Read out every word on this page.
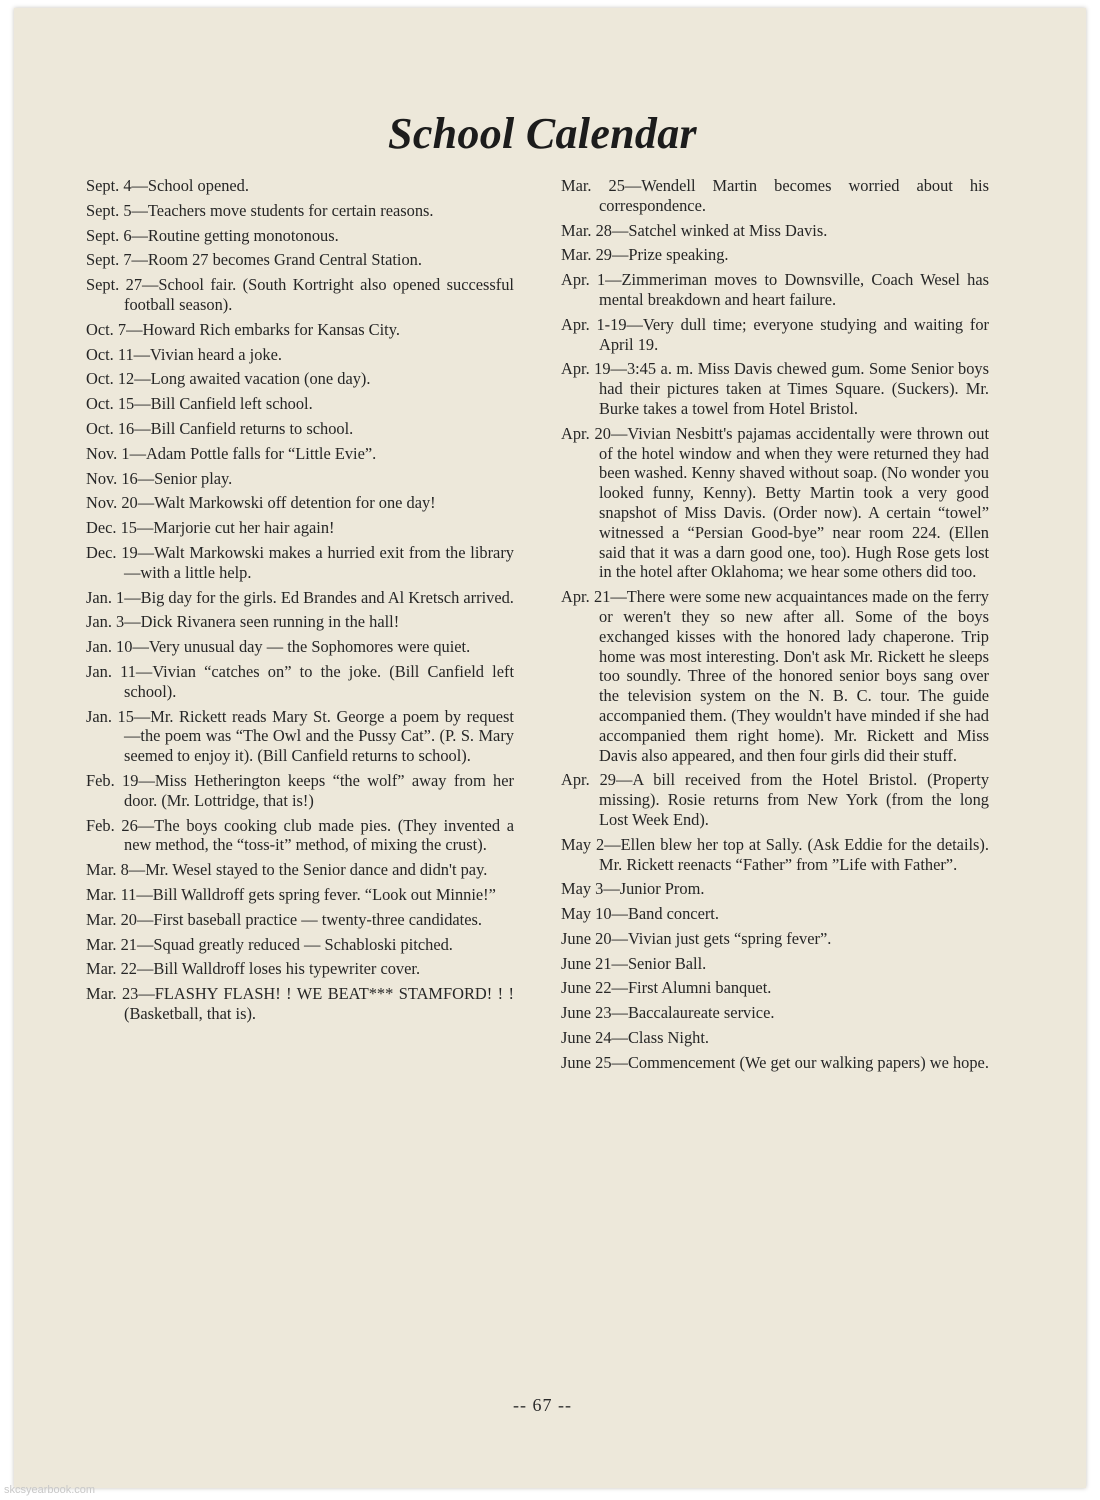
School Calendar

Sept. 4—School opened.

Sept. 5—Teachers move students for certain reasons.

Sept. 6—Routine getting monotonous.

Sept. 7—Room 27 becomes Grand Central Station.

Sept. 27—School fair. (South Kortright also opened successful football season).

Oct. 7—Howard Rich embarks for Kansas City.

Oct. 11—Vivian heard a joke.

Oct. 12—Long awaited vacation (one day).

Oct. 15—Bill Canfield left school.

Oct. 16—Bill Canfield returns to school.

Nov. 1—Adam Pottle falls for “Little Evie”.

Nov. 16—Senior play.

Nov. 20—Walt Markowski off detention for one day!

Dec. 15—Marjorie cut her hair again!

Dec. 19—Walt Markowski makes a hurried exit from the library—with a little help.

Jan. 1—Big day for the girls. Ed Brandes and Al Kretsch arrived.

Jan. 3—Dick Rivanera seen running in the hall!

Jan. 10—Very unusual day — the Sophomores were quiet.

Jan. 11—Vivian “catches on” to the joke. (Bill Canfield left school).

Jan. 15—Mr. Rickett reads Mary St. George a poem by request—the poem was “The Owl and the Pussy Cat”. (P. S. Mary seemed to enjoy it). (Bill Canfield returns to school).

Feb. 19—Miss Hetherington keeps “the wolf” away from her door. (Mr. Lottridge, that is!)

Feb. 26—The boys cooking club made pies. (They invented a new method, the “toss-it” method, of mixing the crust).

Mar. 8—Mr. Wesel stayed to the Senior dance and didn't pay.

Mar. 11—Bill Walldroff gets spring fever. “Look out Minnie!”

Mar. 20—First baseball practice — twenty-three candidates.

Mar. 21—Squad greatly reduced — Schabloski pitched.

Mar. 22—Bill Walldroff loses his typewriter cover.

Mar. 23—FLASHY FLASH! ! WE BEAT*** STAMFORD! ! ! (Basketball, that is).

Mar. 25—Wendell Martin becomes worried about his correspondence.

Mar. 28—Satchel winked at Miss Davis.

Mar. 29—Prize speaking.

Apr. 1—Zimmeriman moves to Downsville, Coach Wesel has mental breakdown and heart failure.

Apr. 1-19—Very dull time; everyone studying and waiting for April 19.

Apr. 19—3:45 a. m. Miss Davis chewed gum. Some Senior boys had their pictures taken at Times Square. (Suckers). Mr. Burke takes a towel from Hotel Bristol.

Apr. 20—Vivian Nesbitt's pajamas accidentally were thrown out of the hotel window and when they were returned they had been washed. Kenny shaved without soap. (No wonder you looked funny, Kenny). Betty Martin took a very good snapshot of Miss Davis. (Order now). A certain “towel” witnessed a “Persian Good-bye” near room 224. (Ellen said that it was a darn good one, too). Hugh Rose gets lost in the hotel after Oklahoma; we hear some others did too.

Apr. 21—There were some new acquaintances made on the ferry or weren't they so new after all. Some of the boys exchanged kisses with the honored lady chaperone. Trip home was most interesting. Don't ask Mr. Rickett he sleeps too soundly. Three of the honored senior boys sang over the television system on the N. B. C. tour. The guide accompanied them. (They wouldn't have minded if she had accompanied them right home). Mr. Rickett and Miss Davis also appeared, and then four girls did their stuff.

Apr. 29—A bill received from the Hotel Bristol. (Property missing). Rosie returns from New York (from the long Lost Week End).

May 2—Ellen blew her top at Sally. (Ask Eddie for the details). Mr. Rickett reenacts “Father” from ”Life with Father”.

May 3—Junior Prom.

May 10—Band concert.

June 20—Vivian just gets “spring fever”.

June 21—Senior Ball.

June 22—First Alumni banquet.

June 23—Baccalaureate service.

June 24—Class Night.

June 25—Commencement (We get our walking papers) we hope.

-- 67 --
skcsyearbook.com
